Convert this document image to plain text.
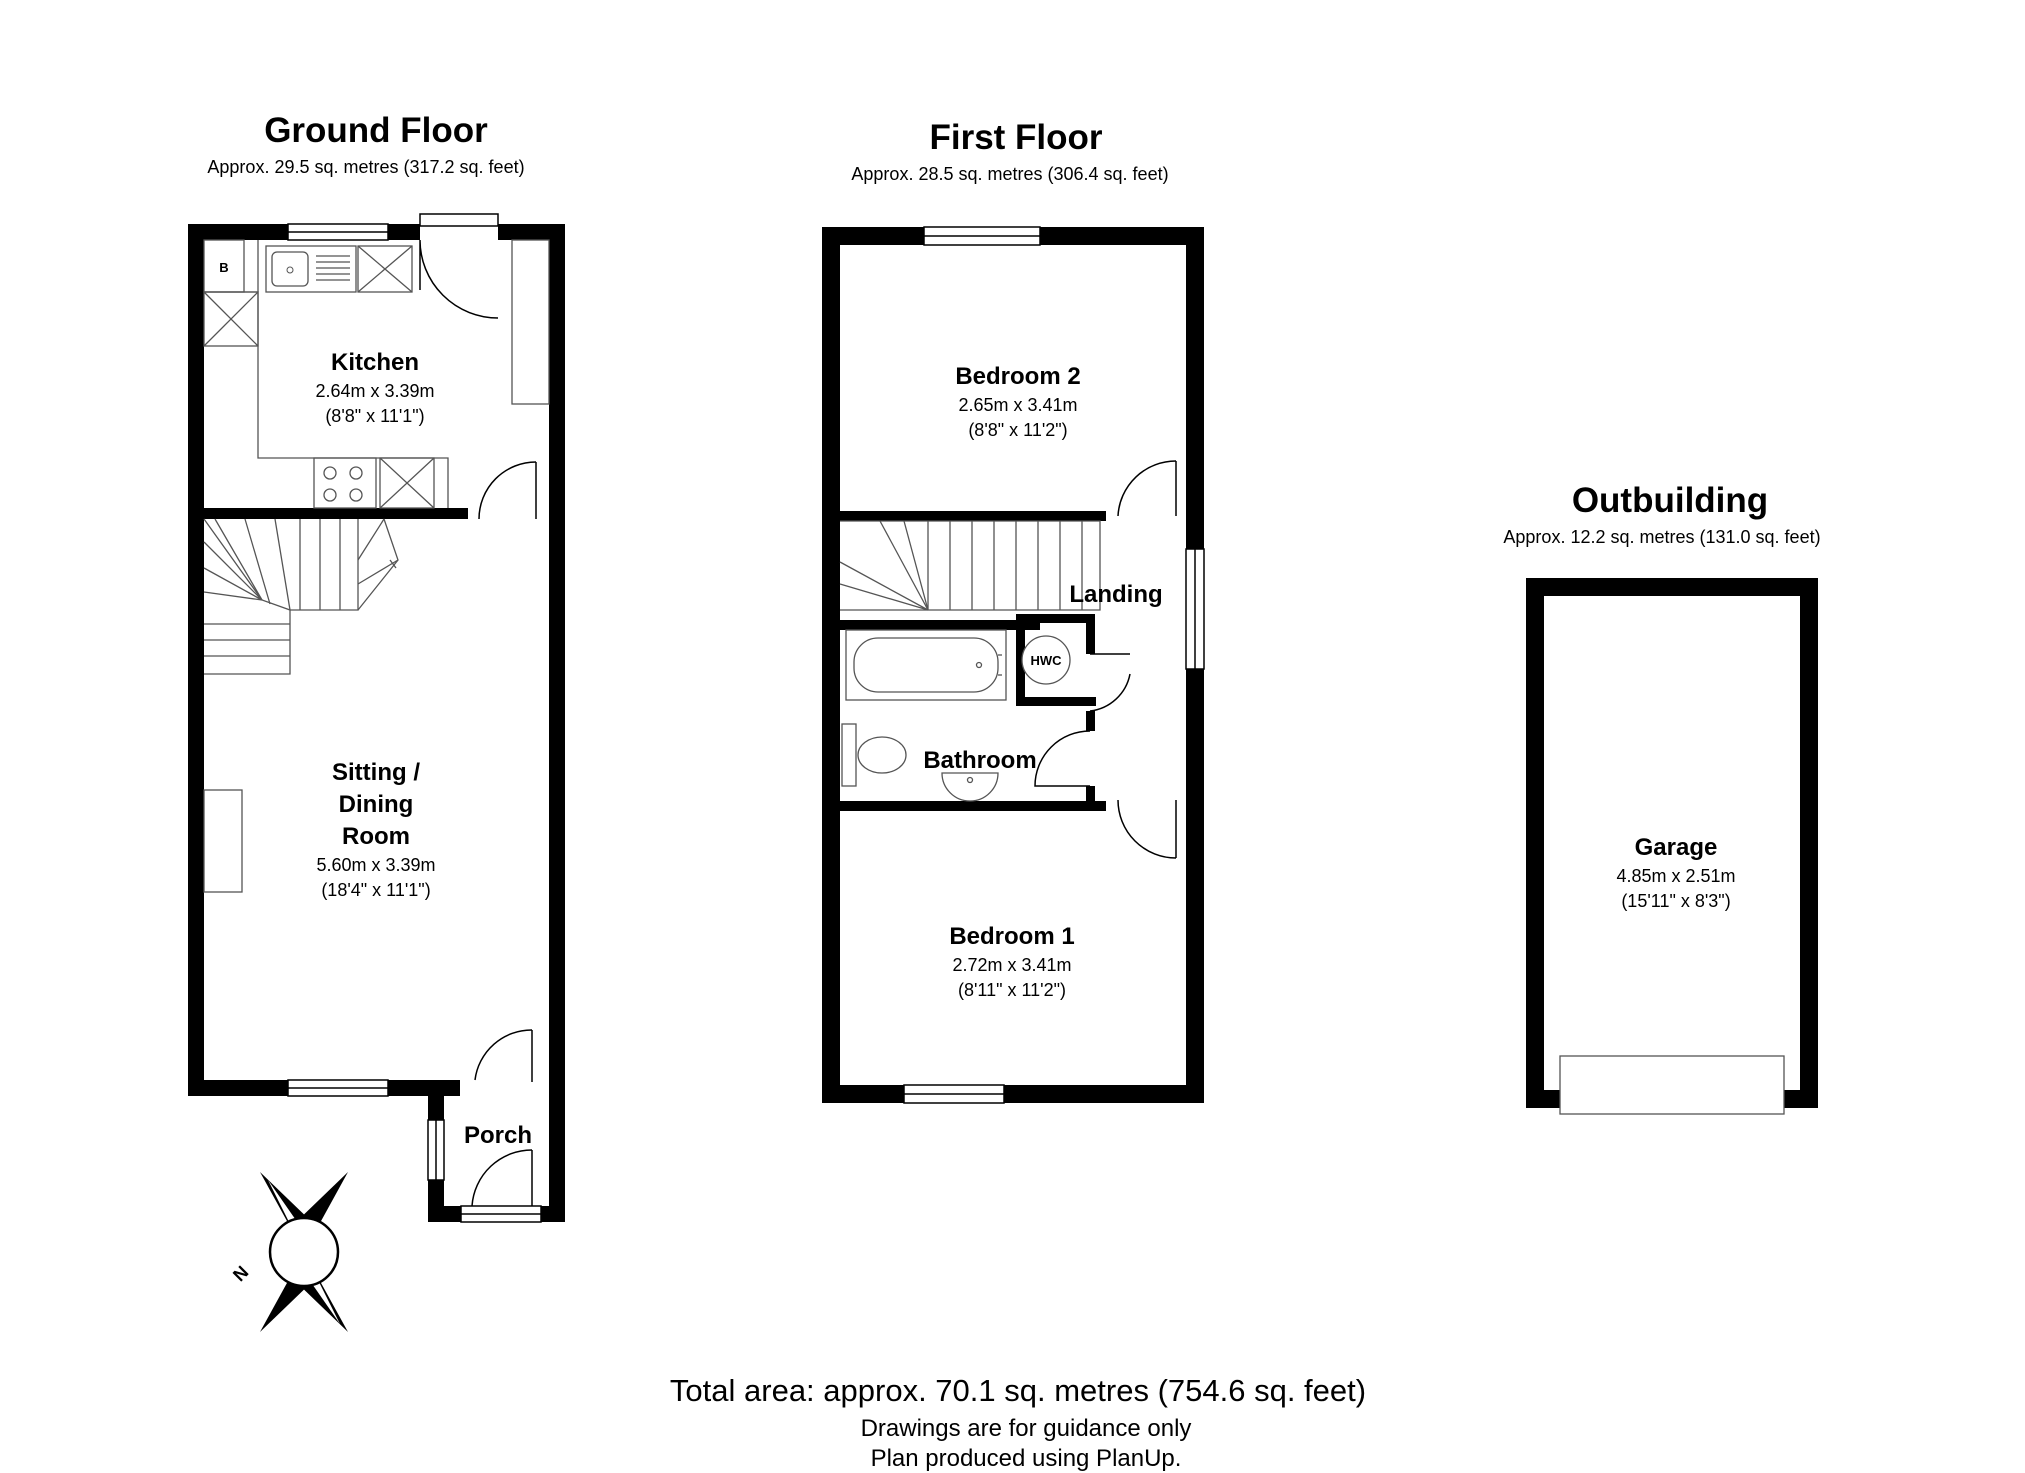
Ground Floor
Approx. 29.5 sq. metres (317.2 sq. feet)
B
Kitchen
2.64m x 3.39m
(8'8" x 11'1")
Sitting /
Dining
Room
5.60m x 3.39m
(18'4" x 11'1")
Porch
N
First Floor
Approx. 28.5 sq. metres (306.4 sq. feet)
HWC
Bedroom 2
2.65m x 3.41m
(8'8" x 11'2")
Landing
Bathroom
Bedroom 1
2.72m x 3.41m
(8'11" x 11'2")
Outbuilding
Approx. 12.2 sq. metres (131.0 sq. feet)
Garage
4.85m x 2.51m
(15'11" x 8'3")
Total area: approx. 70.1 sq. metres (754.6 sq. feet)
Drawings are for guidance only
Plan produced using PlanUp.
